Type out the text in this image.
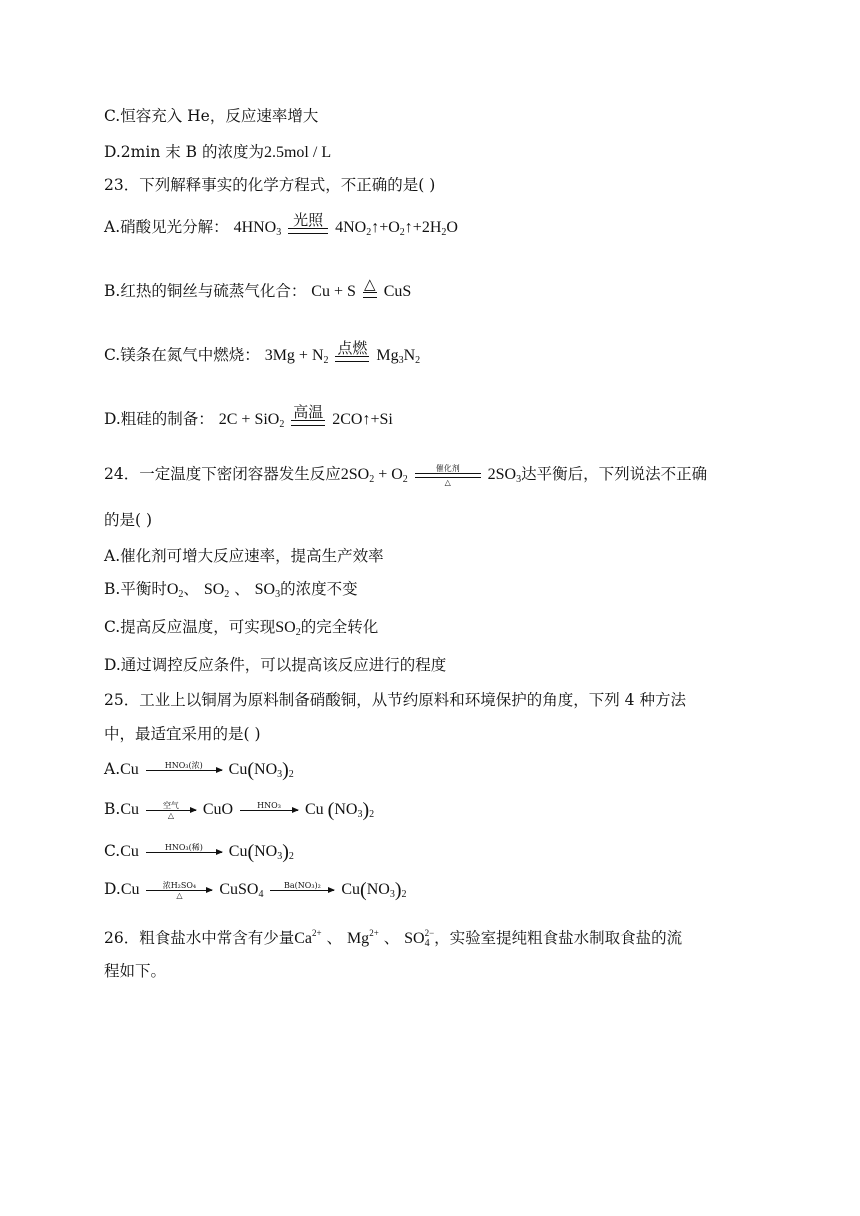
C.恒容充入 He，反应速率增大
D.2min 末 B 的浓度为2.5mol / L
23．下列解释事实的化学方程式，不正确的是( )
A.硝酸见光分解： $4HNO_3$
光照
$4NO_2↑+O_2↑+2H_2O$
B.红热的铜丝与硫蒸气化合： Cu + S △
CuS
C.镁条在氮气中燃烧： $3Mg + N_2$
点燃
$Mg_3N_2$
D.粗硅的制备： 2C + SiO$_2$
高温
2CO↑+Si
24．一定温度下密闭容器发生反应$2SO_2 + O_2$
催化剂
△	$2SO_3$达平衡后，下列说法不正确
的是( )
A.催化剂可增大反应速率，提高生产效率
B.平衡时$O_2$、 $SO_2$ 、 $SO_3$的浓度不变
C.提高反应温度，可实现$SO_2$的完全转化
D.通过调控反应条件，可以提高该反应进行的程度
25．工业上以铜屑为原料制备硝酸铜，从节约原料和环境保护的角度，下列 4 种方法
中，最适宜采用的是( )
A.Cu	HNO₃(浓)
	$Cu(NO_3)_2$
B.Cu	空气
△	CuO	HNO₃
	Cu $(NO_3)_2$
C.Cu	HNO₃(稀)
	$Cu(NO_3)_2$
D.Cu	浓H₂SO₄
△	CuSO$_4$
Ba(NO₃)₂
	$Cu(NO_3)_2$
26．粗食盐水中常含有少量$Ca^{2+}$ 、 $Mg^{2+}$ 、 $SO_4^{2-}$，实验室提纯粗食盐水制取食盐的流
程如下。
